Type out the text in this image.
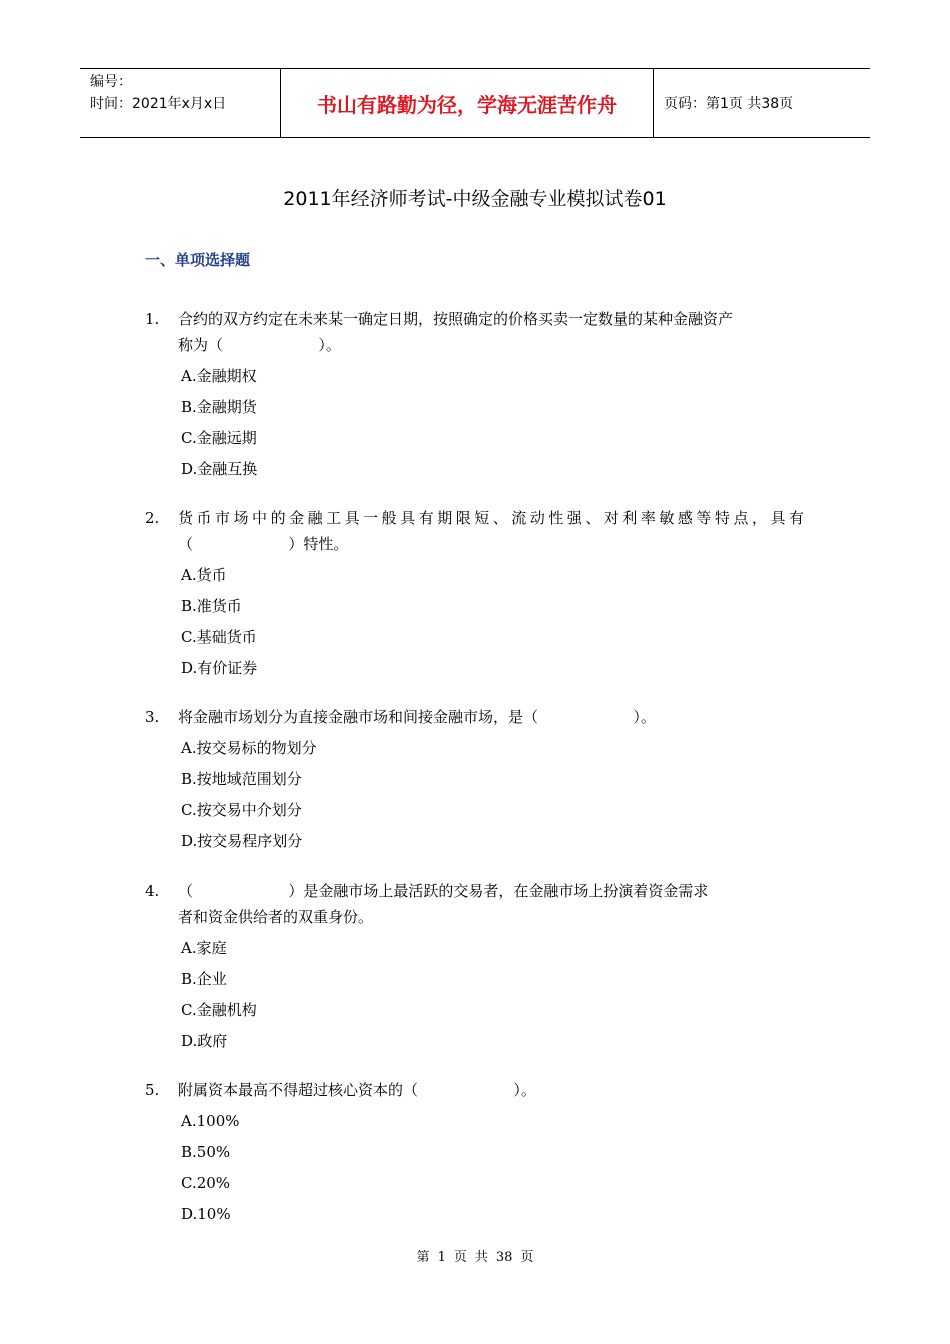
编号：
时间：2021年x月x日	书山有路勤为径，学海无涯苦作舟	页码：第1页 共38页
2011年经济师考试-中级金融专业模拟试卷01
一、单项选择题
1. 合约的双方约定在未来某一确定日期，按照确定的价格买卖一定数量的某种金融资产
称为（                    ）。
A.金融期权
B.金融期货
C.金融远期
D.金融互换
2. 货币市场中的金融工具一般具有期限短、流动性强、对利率敏感等特点，具有
（                    ）特性。
A.货币
B.准货币
C.基础货币
D.有价证券
3. 将金融市场划分为直接金融市场和间接金融市场，是（                    ）。
A.按交易标的物划分
B.按地域范围划分
C.按交易中介划分
D.按交易程序划分
4. （                    ）是金融市场上最活跃的交易者，在金融市场上扮演着资金需求
者和资金供给者的双重身份。
A.家庭
B.企业
C.金融机构
D.政府
5. 附属资本最高不得超过核心资本的（                    ）。
A.100%
B.50%
C.20%
D.10%
第 1 页 共 38 页
